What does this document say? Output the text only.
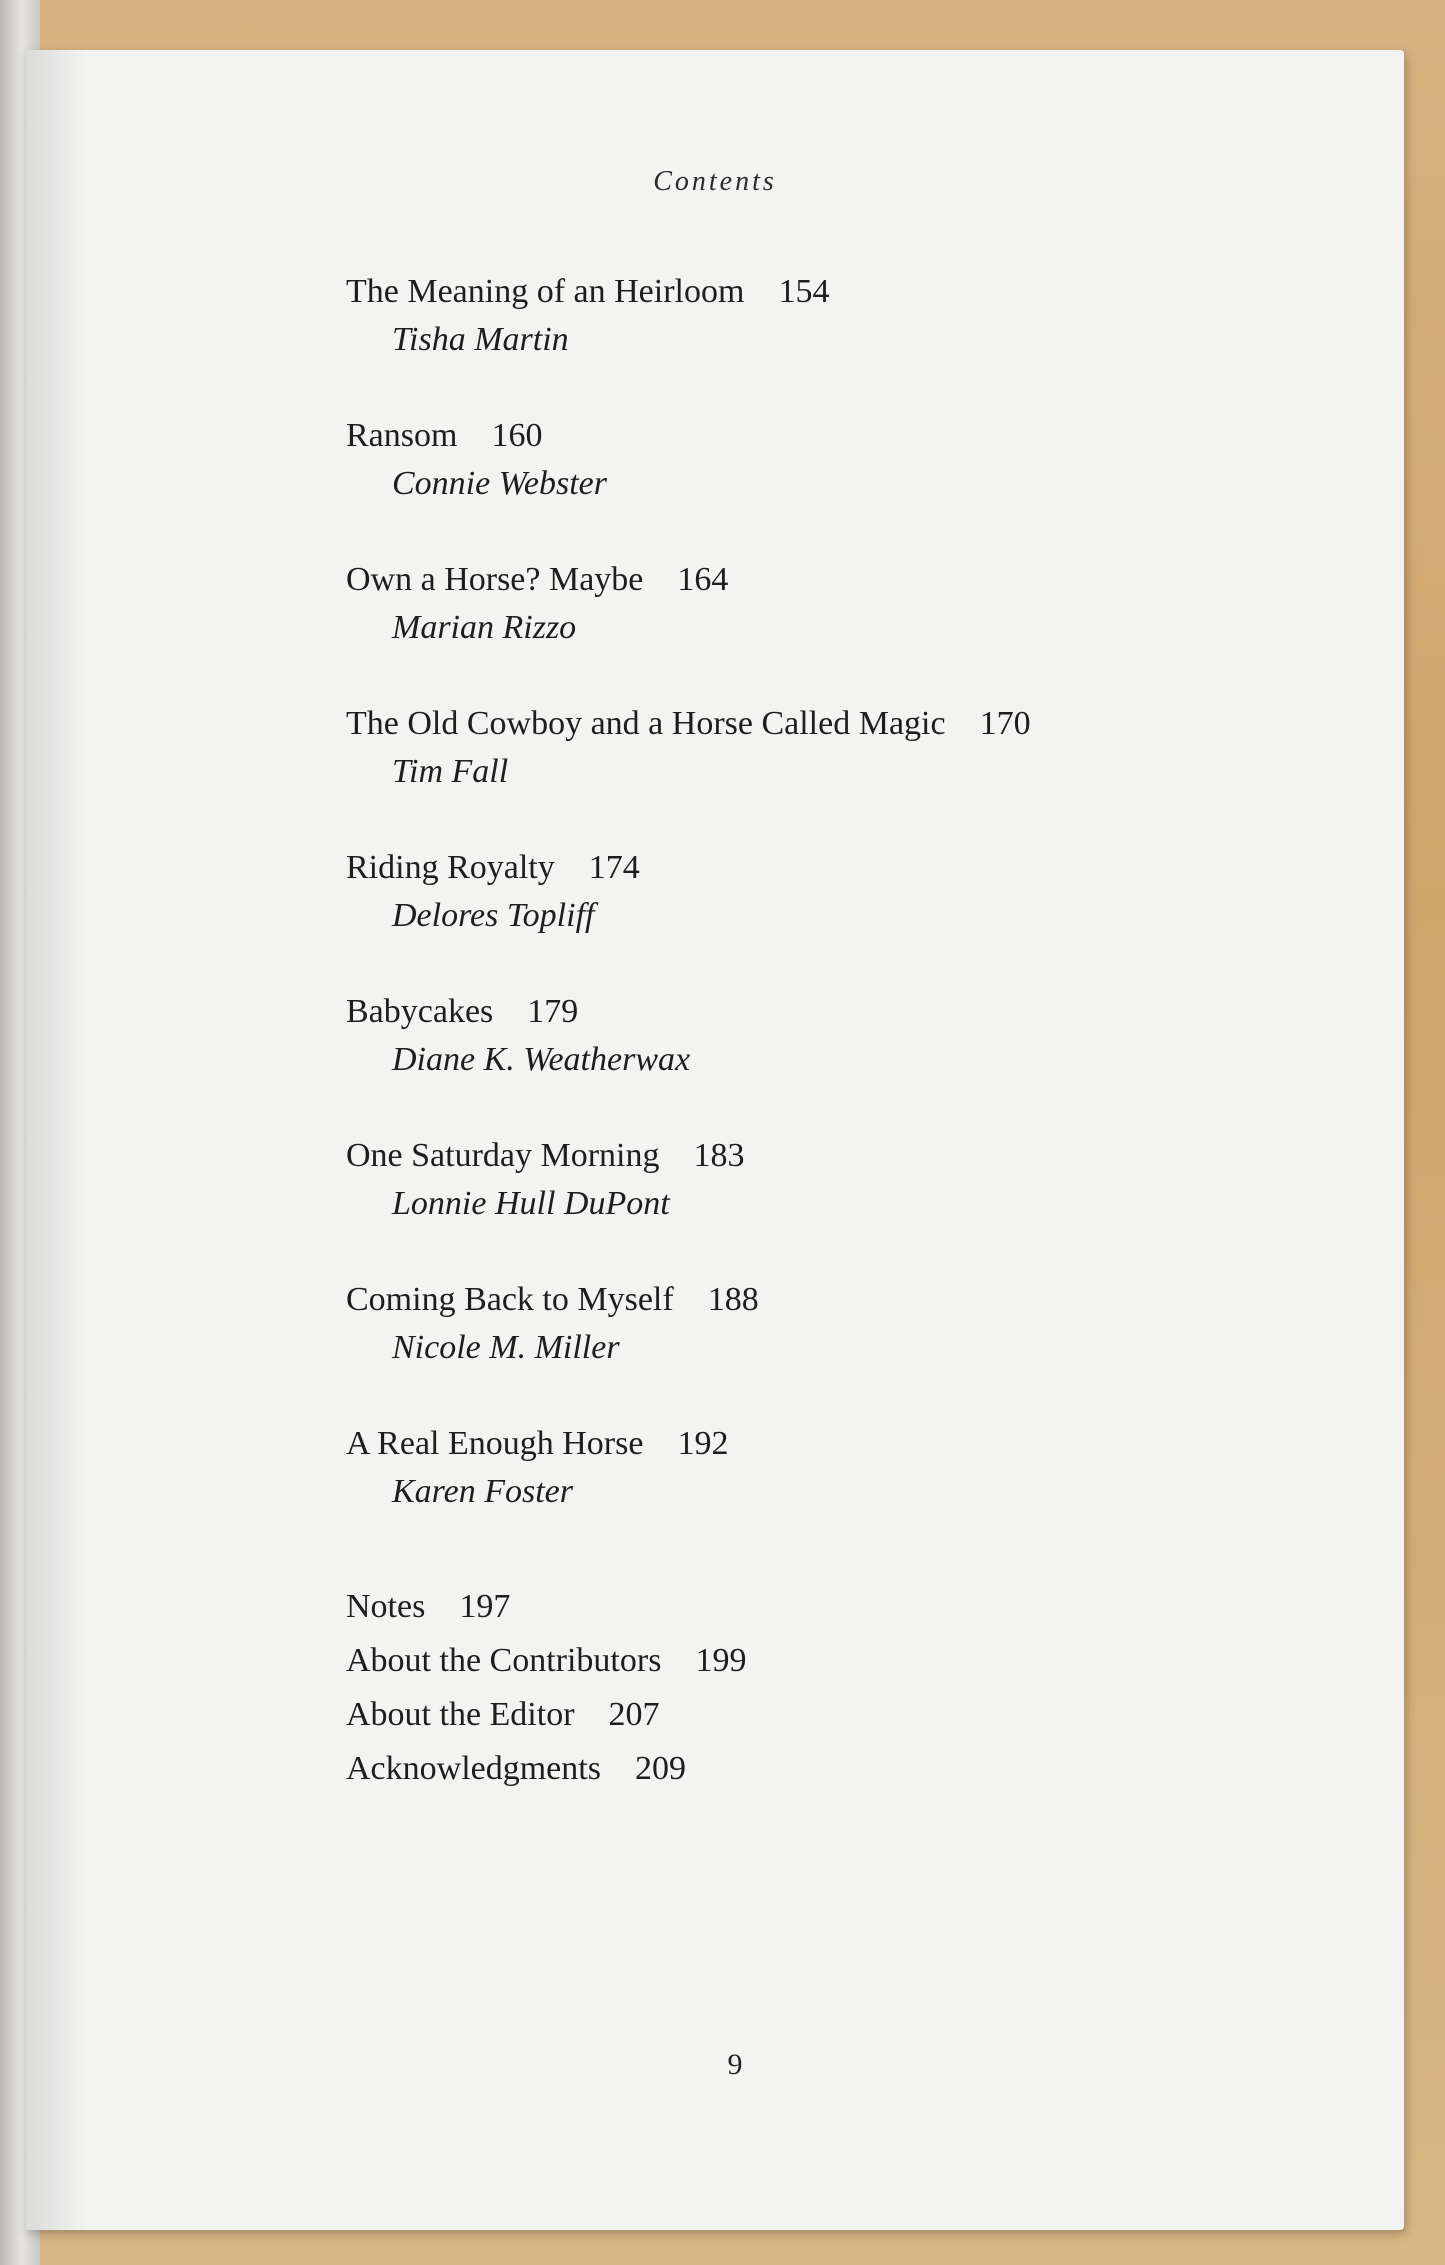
Contents
The Meaning of an Heirloom 154
Tisha Martin
Ransom 160
Connie Webster
Own a Horse? Maybe 164
Marian Rizzo
The Old Cowboy and a Horse Called Magic 170
Tim Fall
Riding Royalty 174
Delores Topliff
Babycakes 179
Diane K. Weatherwax
One Saturday Morning 183
Lonnie Hull DuPont
Coming Back to Myself 188
Nicole M. Miller
A Real Enough Horse 192
Karen Foster
Notes 197
About the Contributors 199
About the Editor 207
Acknowledgments 209
9
